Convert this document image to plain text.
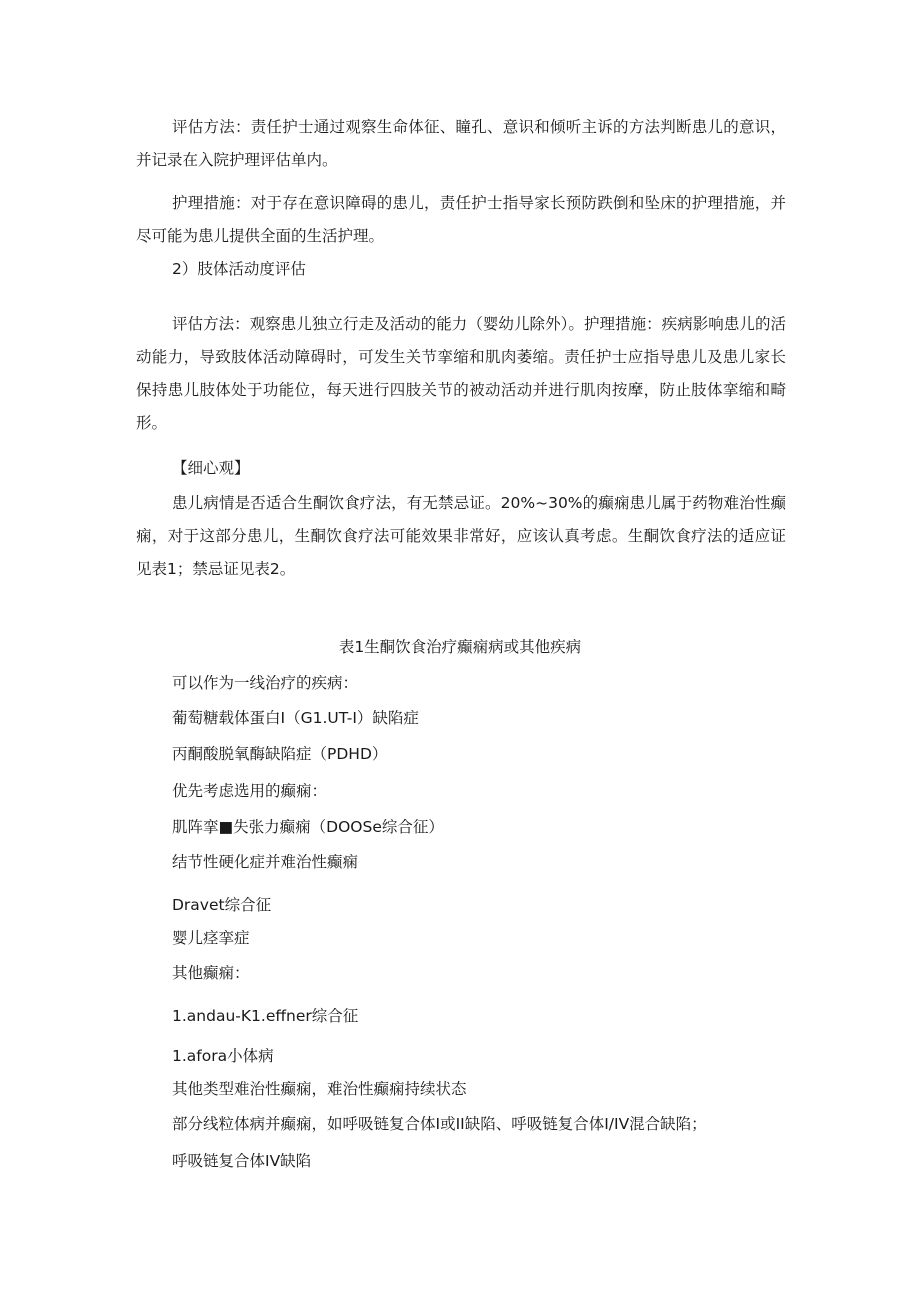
评估方法：责任护士通过观察生命体征、瞳孔、意识和倾听主诉的方法判断患儿的意识，并记录在入院护理评估单内。

护理措施：对于存在意识障碍的患儿，责任护士指导家长预防跌倒和坠床的护理措施，并尽可能为患儿提供全面的生活护理。

2）肢体活动度评估

评估方法：观察患儿独立行走及活动的能力（婴幼儿除外）。护理措施：疾病影响患儿的活动能力，导致肢体活动障碍时，可发生关节挛缩和肌肉萎缩。责任护士应指导患儿及患儿家长保持患儿肢体处于功能位，每天进行四肢关节的被动活动并进行肌肉按摩，防止肢体挛缩和畸形。

【细心观】

患儿病情是否适合生酮饮食疗法，有无禁忌证。20%~30%的癫痫患儿属于药物难治性癫痫，对于这部分患儿，生酮饮食疗法可能效果非常好，应该认真考虑。生酮饮食疗法的适应证见表1；禁忌证见表2。

表1生酮饮食治疗癫痫病或其他疾病

可以作为一线治疗的疾病：

葡萄糖载体蛋白I（G1.UT-I）缺陷症

丙酮酸脱氧酶缺陷症（PDHD）

优先考虑选用的癫痫：

肌阵挛■失张力癫痫（DOOSe综合征）

结节性硬化症并难治性癫痫

Dravet综合征

婴儿痉挛症

其他癫痫：

1.andau-K1.effner综合征

1.afora小体病

其他类型难治性癫痫，难治性癫痫持续状态

部分线粒体病并癫痫，如呼吸链复合体I或II缺陷、呼吸链复合体I/IV混合缺陷；

呼吸链复合体IV缺陷
